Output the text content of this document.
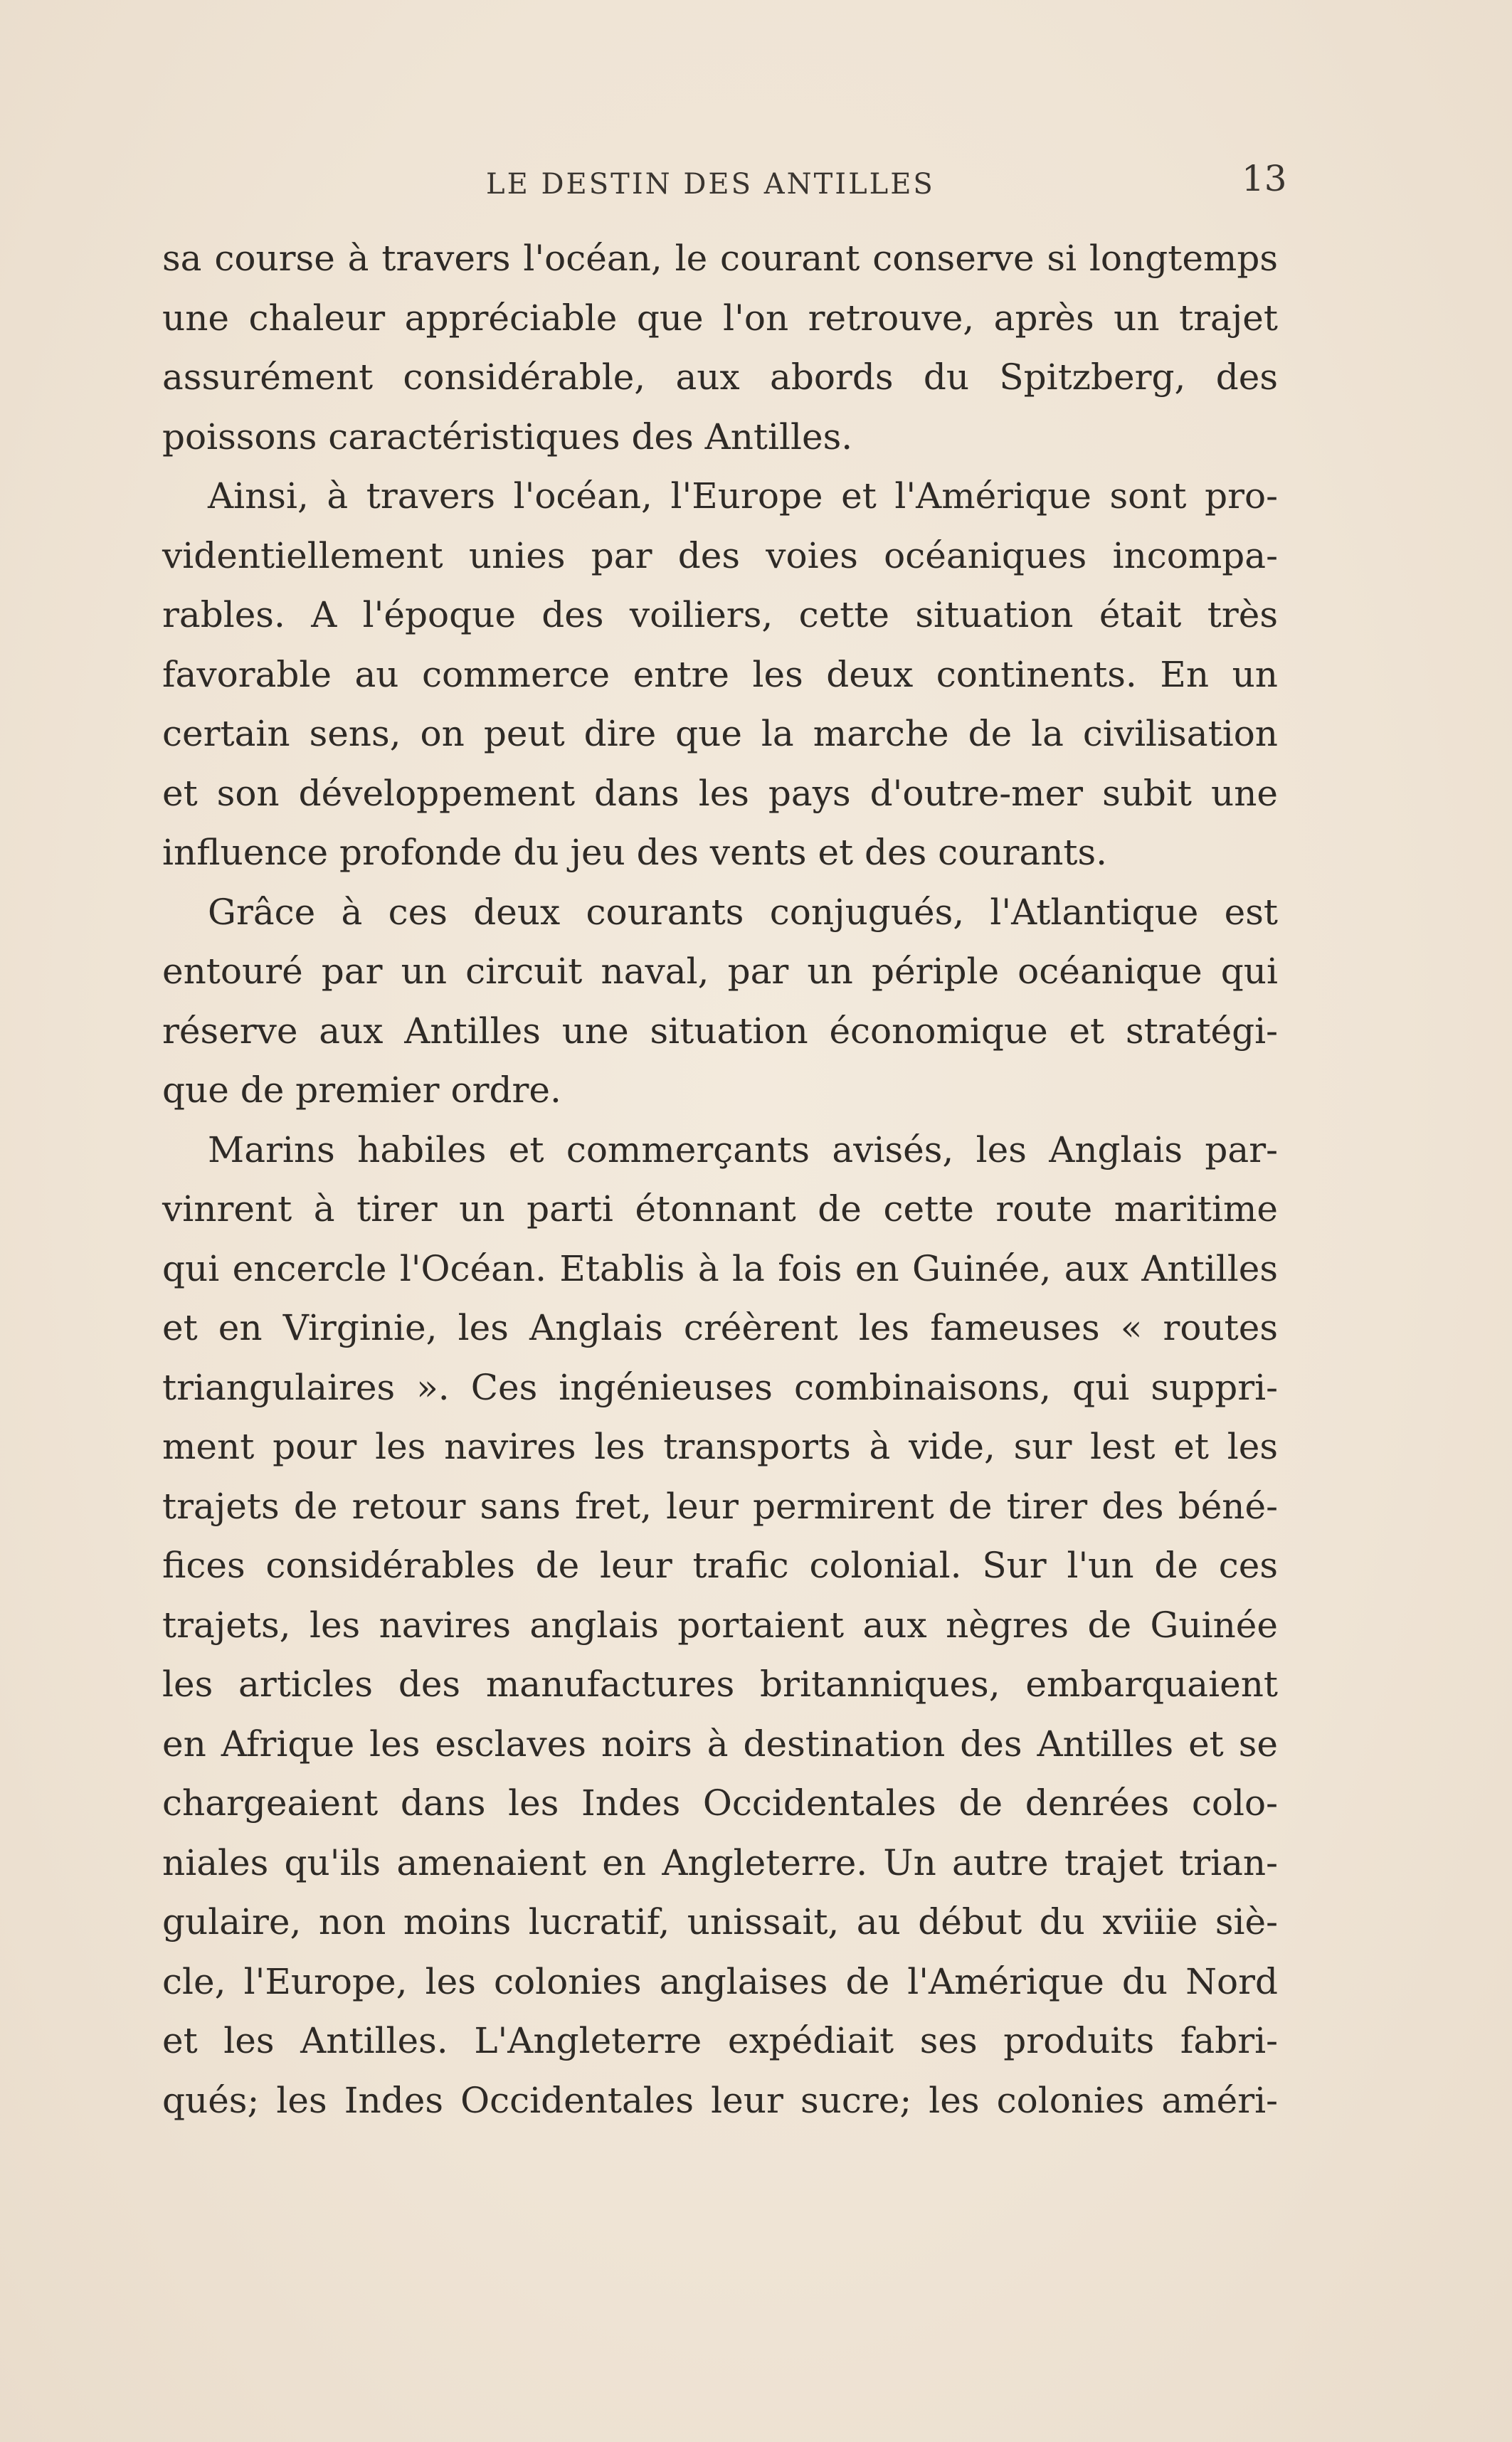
LE DESTIN DES ANTILLES	13
sa course à travers l'océan, le courant conserve si longtemps
une chaleur appréciable que l'on retrouve, après un trajet
assurément considérable, aux abords du Spitzberg, des
poissons caractéristiques des Antilles.
Ainsi, à travers l'océan, l'Europe et l'Amérique sont pro-
videntiellement unies par des voies océaniques incompa-
rables. A l'époque des voiliers, cette situation était très
favorable au commerce entre les deux continents. En un
certain sens, on peut dire que la marche de la civilisation
et son développement dans les pays d'outre-mer subit une
influence profonde du jeu des vents et des courants.
Grâce à ces deux courants conjugués, l'Atlantique est
entouré par un circuit naval, par un périple océanique qui
réserve aux Antilles une situation économique et stratégi-
que de premier ordre.
Marins habiles et commerçants avisés, les Anglais par-
vinrent à tirer un parti étonnant de cette route maritime
qui encercle l'Océan. Etablis à la fois en Guinée, aux Antilles
et en Virginie, les Anglais créèrent les fameuses « routes
triangulaires ». Ces ingénieuses combinaisons, qui suppri-
ment pour les navires les transports à vide, sur lest et les
trajets de retour sans fret, leur permirent de tirer des béné-
fices considérables de leur trafic colonial. Sur l'un de ces
trajets, les navires anglais portaient aux nègres de Guinée
les articles des manufactures britanniques, embarquaient
en Afrique les esclaves noirs à destination des Antilles et se
chargeaient dans les Indes Occidentales de denrées colo-
niales qu'ils amenaient en Angleterre. Un autre trajet trian-
gulaire, non moins lucratif, unissait, au début du xviiie siè-
cle, l'Europe, les colonies anglaises de l'Amérique du Nord
et les Antilles. L'Angleterre expédiait ses produits fabri-
qués; les Indes Occidentales leur sucre; les colonies améri-
